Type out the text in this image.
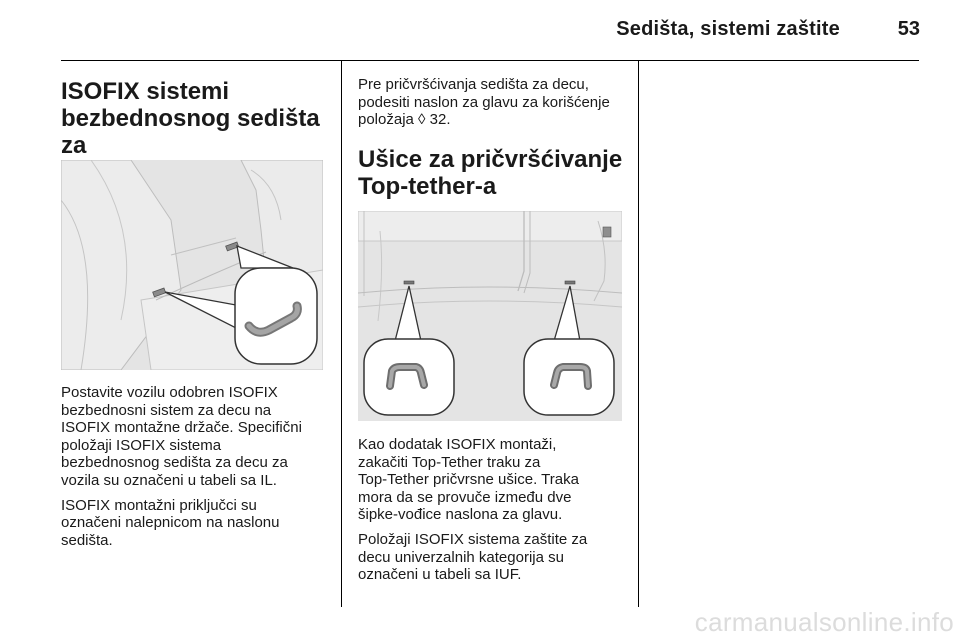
Sedišta, sistemi zaštite	53
ISOFIX sistemi
bezbednosnog sedišta za

Postavite vozilu odobren ISOFIX
bezbednosni sistem za decu na
ISOFIX montažne držače. Specifični
položaji ISOFIX sistema
bezbednosnog sedišta za decu za
vozila su označeni u tabeli sa IL.

ISOFIX montažni priključci su
označeni nalepnicom na naslonu
sedišta.

Pre pričvršćivanja sedišta za decu,
podesiti naslon za glavu za korišćenje
položaja ◊ 32.

Ušice za pričvršćivanje
Top-tether-a

Kao dodatak ISOFIX montaži,
zakačiti Top-Tether traku za
Top-Tether pričvrsne ušice. Traka
mora da se provuče između dve
šipke-vođice naslona za glavu.

Položaji ISOFIX sistema zaštite za
decu univerzalnih kategorija su
označeni u tabeli sa IUF.

carmanualsonline.info
